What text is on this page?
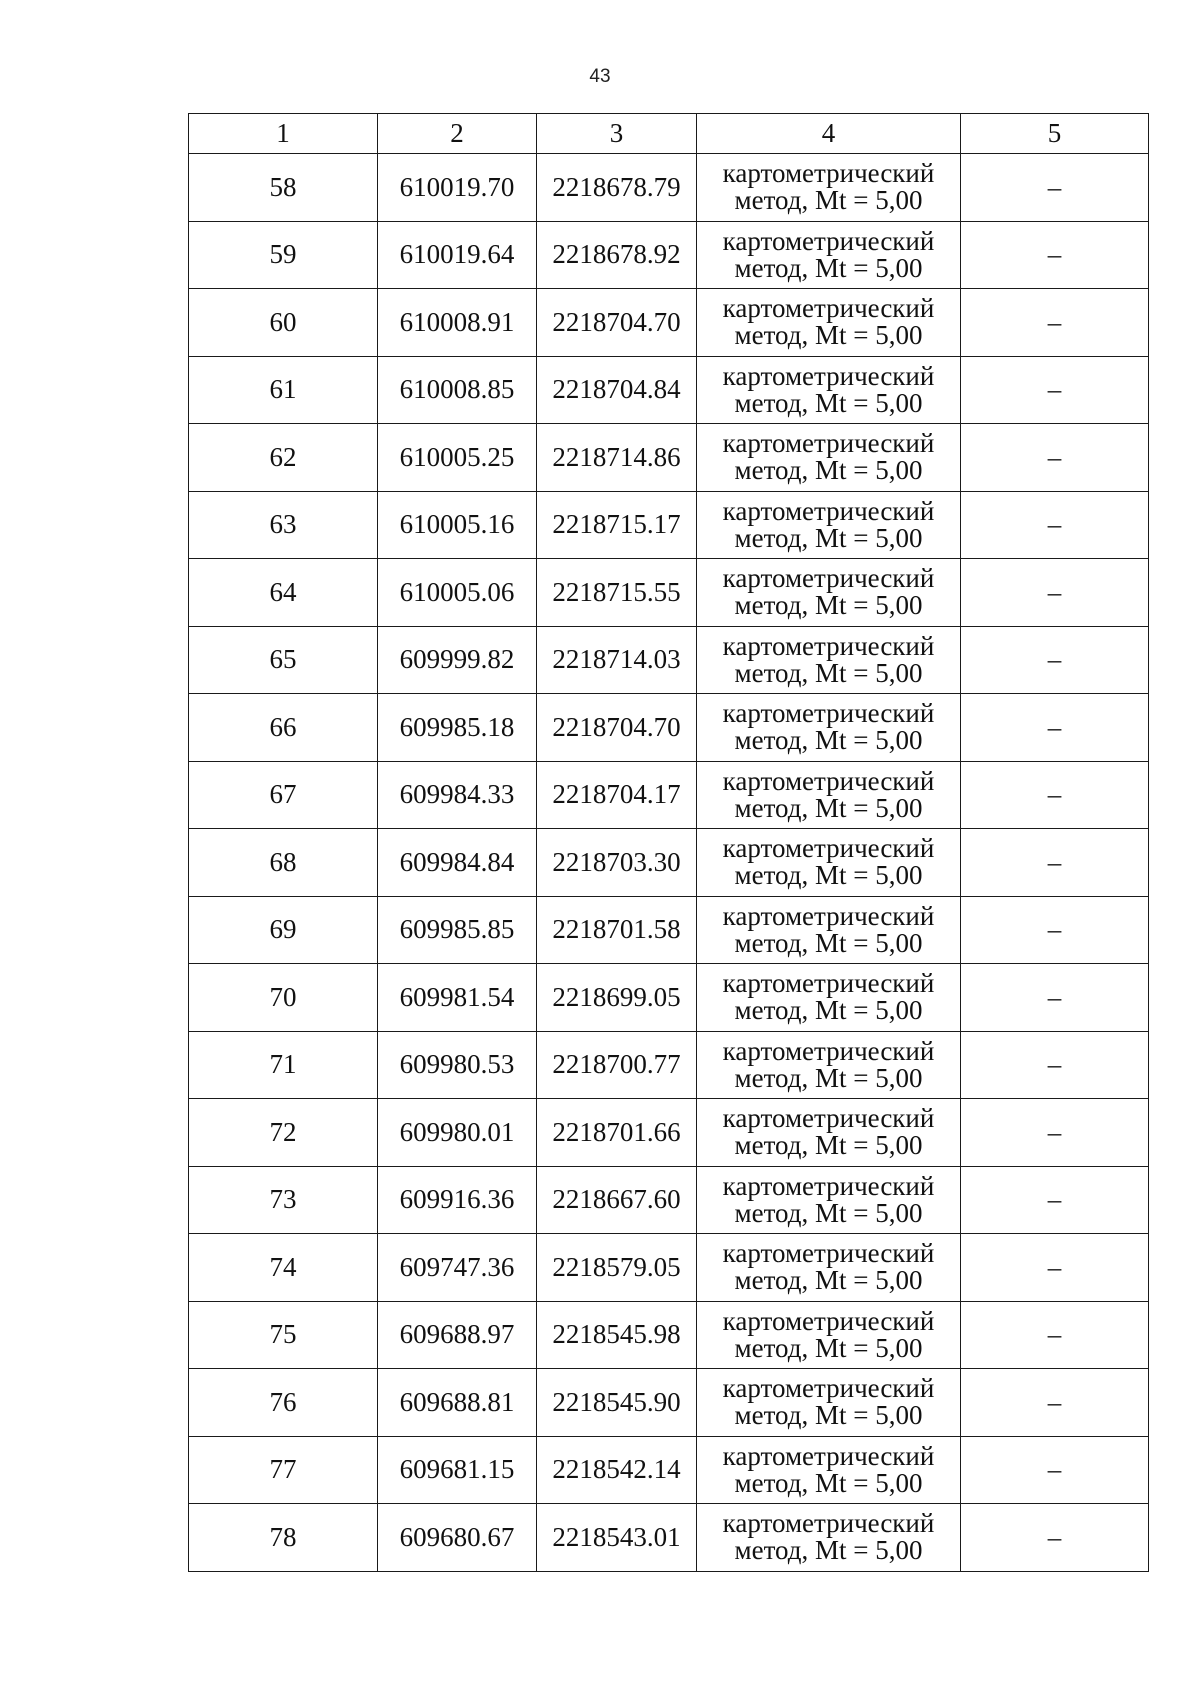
43
1	2	3	4	5
58	610019.70	2218678.79	картометрический
метод, Mt = 5,00	–
59	610019.64	2218678.92	картометрический
метод, Mt = 5,00	–
60	610008.91	2218704.70	картометрический
метод, Mt = 5,00	–
61	610008.85	2218704.84	картометрический
метод, Mt = 5,00	–
62	610005.25	2218714.86	картометрический
метод, Mt = 5,00	–
63	610005.16	2218715.17	картометрический
метод, Mt = 5,00	–
64	610005.06	2218715.55	картометрический
метод, Mt = 5,00	–
65	609999.82	2218714.03	картометрический
метод, Mt = 5,00	–
66	609985.18	2218704.70	картометрический
метод, Mt = 5,00	–
67	609984.33	2218704.17	картометрический
метод, Mt = 5,00	–
68	609984.84	2218703.30	картометрический
метод, Mt = 5,00	–
69	609985.85	2218701.58	картометрический
метод, Mt = 5,00	–
70	609981.54	2218699.05	картометрический
метод, Mt = 5,00	–
71	609980.53	2218700.77	картометрический
метод, Mt = 5,00	–
72	609980.01	2218701.66	картометрический
метод, Mt = 5,00	–
73	609916.36	2218667.60	картометрический
метод, Mt = 5,00	–
74	609747.36	2218579.05	картометрический
метод, Mt = 5,00	–
75	609688.97	2218545.98	картометрический
метод, Mt = 5,00	–
76	609688.81	2218545.90	картометрический
метод, Mt = 5,00	–
77	609681.15	2218542.14	картометрический
метод, Mt = 5,00	–
78	609680.67	2218543.01	картометрический
метод, Mt = 5,00	–
